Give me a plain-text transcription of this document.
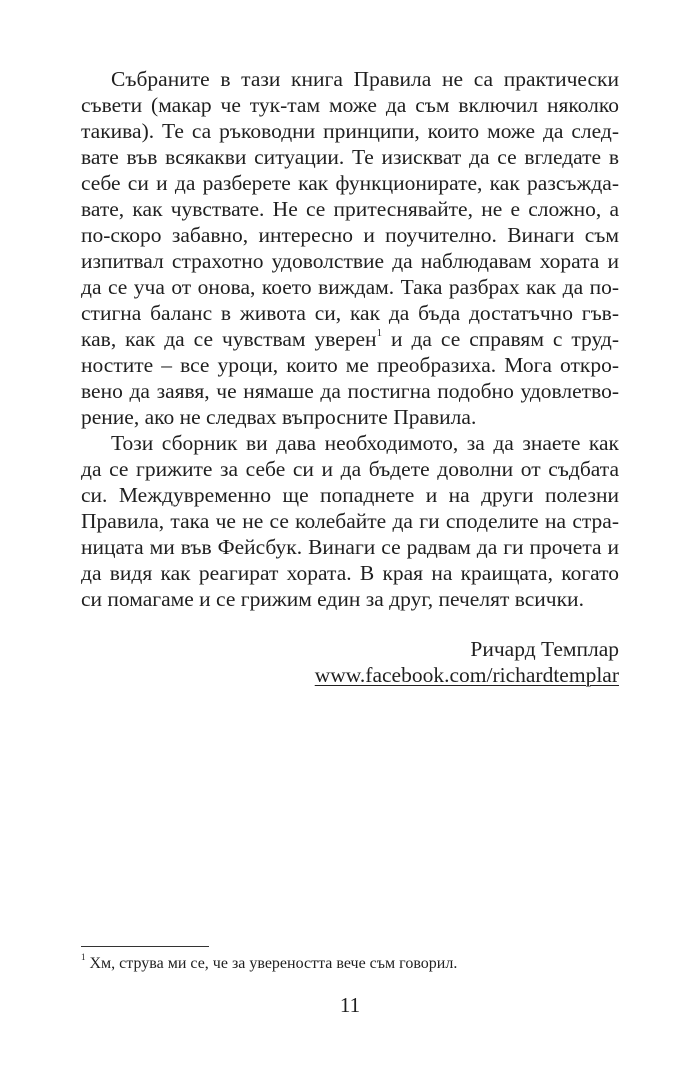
Събраните в тази книга Правила не са практически
съвети (макар че тук-там може да съм включил няколко
такива). Те са ръководни принципи, които може да след-
вате във всякакви ситуации. Те изискват да се вгледате в
себе си и да разберете как функционирате, как разсъжда-
вате, как чувствате. Не се притеснявайте, не е сложно, а
по-скоро забавно, интересно и поучително. Винаги съм
изпитвал страхотно удоволствие да наблюдавам хората и
да се уча от онова, което виждам. Така разбрах как да по-
стигна баланс в живота си, как да бъда достатъчно гъв-
кав, как да се чувствам уверен$^1$ и да се справям с труд-
ностите – все уроци, които ме преобразиха. Мога откро-
вено да заявя, че нямаше да постигна подобно удовлетво-
рение, ако не следвах въпросните Правила.
Този сборник ви дава необходимото, за да знаете как
да се грижите за себе си и да бъдете доволни от съдбата
си. Междувременно ще попаднете и на други полезни
Правила, така че не се колебайте да ги споделите на стра-
ницата ми във Фейсбук. Винаги се радвам да ги прочета и
да видя как реагират хората. В края на краищата, когато
си помагаме и се грижим един за друг, печелят всички.
Ричард Темплар
www.facebook.com/richardtemplar
$^1$ Хм, струва ми се, че за увереността вече съм говорил.
11
